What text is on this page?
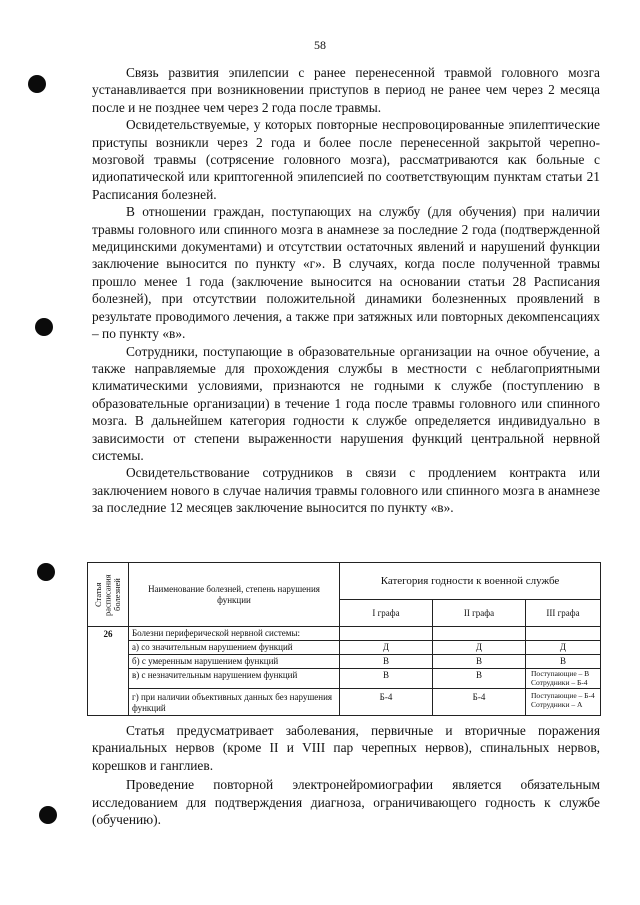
58

Связь развития эпилепсии с ранее перенесенной травмой головного мозга устанавливается при возникновении приступов в период не ранее чем через 2 месяца после и не позднее чем через 2 года после травмы.

Освидетельствуемые, у которых повторные неспровоцированные эпилептические приступы возникли через 2 года и более после перенесенной закрытой черепно-мозговой травмы (сотрясение головного мозга), рассматриваются как больные с идиопатической или криптогенной эпилепсией по соответствующим пунктам статьи 21 Расписания болезней.

В отношении граждан, поступающих на службу (для обучения) при наличии травмы головного или спинного мозга в анамнезе за последние 2 года (подтвержденной медицинскими документами) и отсутствии остаточных явлений и нарушений функции заключение выносится по пункту «г». В случаях, когда после полученной травмы прошло менее 1 года (заключение выносится на основании статьи 28 Расписания болезней), при отсутствии положительной динамики болезненных проявлений в результате проводимого лечения, а также при затяжных или повторных декомпенсациях – по пункту «в».

Сотрудники, поступающие в образовательные организации на очное обучение, а также направляемые для прохождения службы в местности с неблагоприятными климатическими условиями, признаются не годными к службе (поступлению в образовательные организации) в течение 1 года после травмы головного или спинного мозга. В дальнейшем категория годности к службе определяется индивидуально в зависимости от степени выраженности нарушения функций центральной нервной системы.

Освидетельствование сотрудников в связи с продлением контракта или заключением нового в случае наличия травмы головного или спинного мозга в анамнезе за последние 12 месяцев заключение выносится по пункту «в».

Статья расписания болезней	Наименование болезней, степень нарушения функции	Категория годности к военной службе		
		I графа	II графа	III графа
26	Болезни периферической нервной системы:			
	а) со значительным нарушением функций	Д	Д	Д
	б) с умеренным нарушением функций	В	В	В
	в) с незначительным нарушением функций	В	В	Поступающие – В
Сотрудники – Б-4

	г) при наличии объективных данных без нарушения функций	Б-4	Б-4	Поступающие – Б-4
Сотрудники – А

Статья предусматривает заболевания, первичные и вторичные поражения краниальных нервов (кроме II и VIII пар черепных нервов), спинальных нервов, корешков и ганглиев.

Проведение повторной электронейромиографии является обязательным исследованием для подтверждения диагноза, ограничивающего годность к службе (обучению).
